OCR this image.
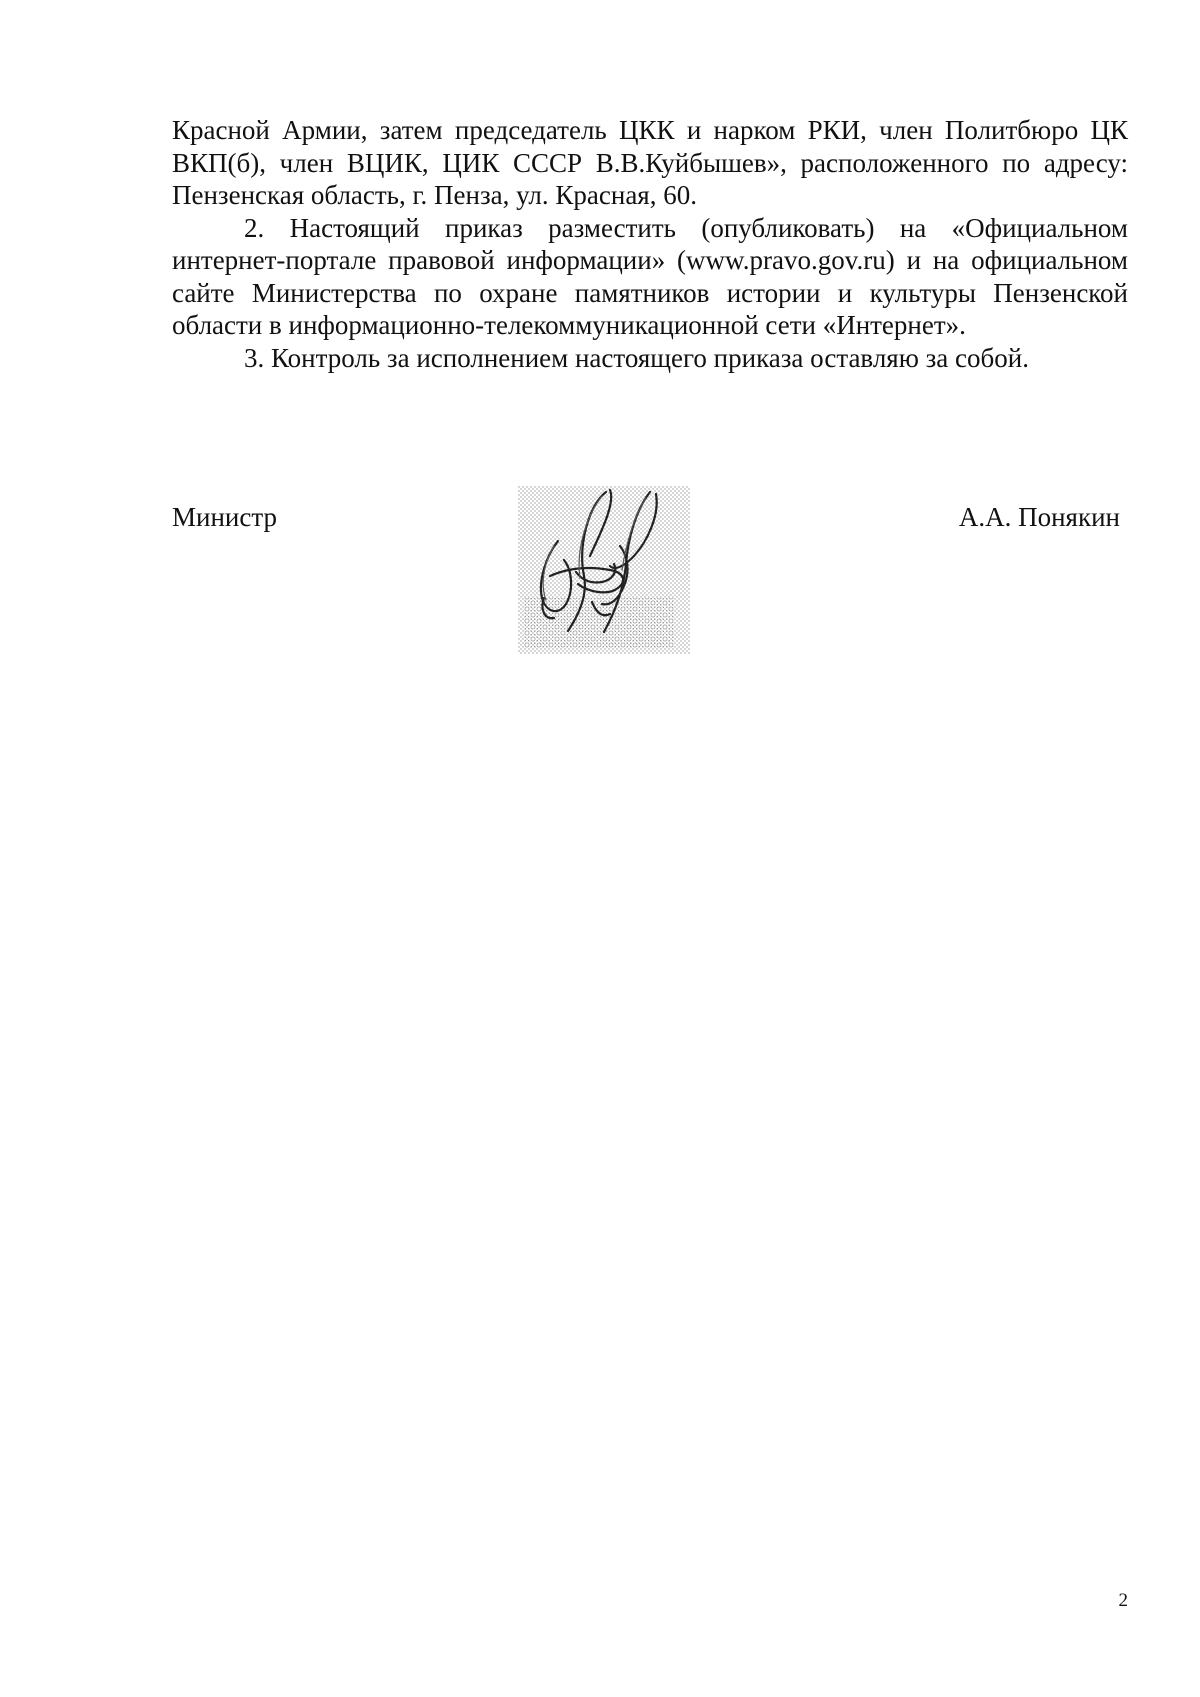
Красной Армии, затем председатель ЦКК и нарком РКИ, член Политбюро ЦК ВКП(б), член ВЦИК, ЦИК СССР В.В.Куйбышев», расположенного по адресу: Пензенская область, г. Пенза, ул. Красная, 60.

2. Настоящий приказ разместить (опубликовать) на «Официальном интернет-портале правовой информации» (www.pravo.gov.ru) и на официальном сайте Министерства по охране памятников истории и культуры Пензенской области в информационно-телекоммуникационной сети «Интернет».

3. Контроль за исполнением настоящего приказа оставляю за собой.

Министр	А.А. Понякин
2
